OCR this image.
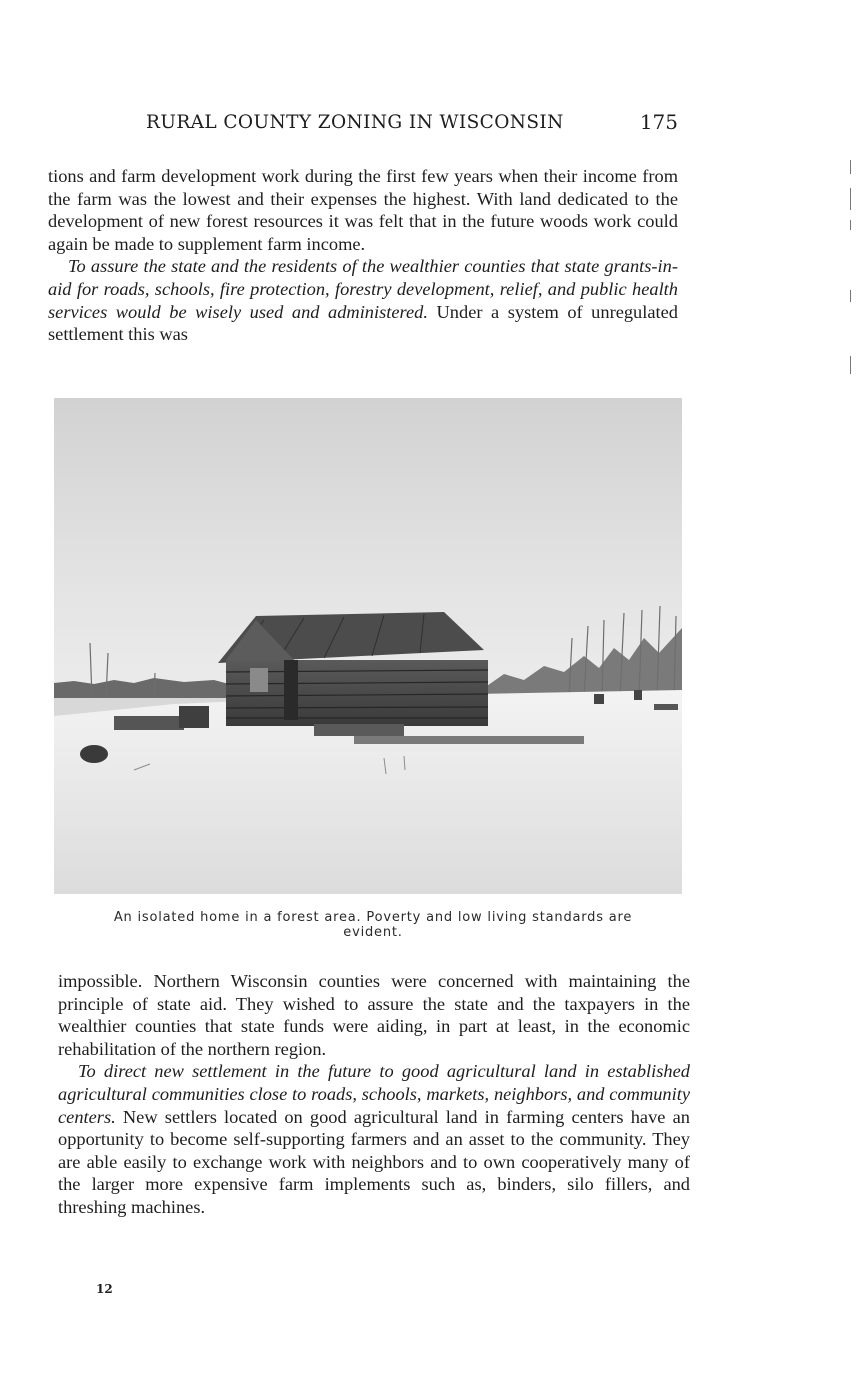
RURAL COUNTY ZONING IN WISCONSIN	175

tions and farm development work during the first few years when their income from the farm was the lowest and their expenses the highest. With land dedicated to the development of new forest resources it was felt that in the future woods work could again be made to supplement farm income.

To assure the state and the residents of the wealthier counties that state grants-in-aid for roads, schools, fire protection, forestry development, relief, and public health services would be wisely used and administered. Under a system of unregulated settlement this was

An isolated home in a forest area. Poverty and low living standards are evident.

impossible. Northern Wisconsin counties were concerned with maintaining the principle of state aid. They wished to assure the state and the taxpayers in the wealthier counties that state funds were aiding, in part at least, in the economic rehabilitation of the northern region.

To direct new settlement in the future to good agricultural land in established agricultural communities close to roads, schools, markets, neighbors, and community centers. New settlers located on good agricultural land in farming centers have an opportunity to become self-supporting farmers and an asset to the community. They are able easily to exchange work with neighbors and to own cooperatively many of the larger more expensive farm implements such as, binders, silo fillers, and threshing machines.

12
